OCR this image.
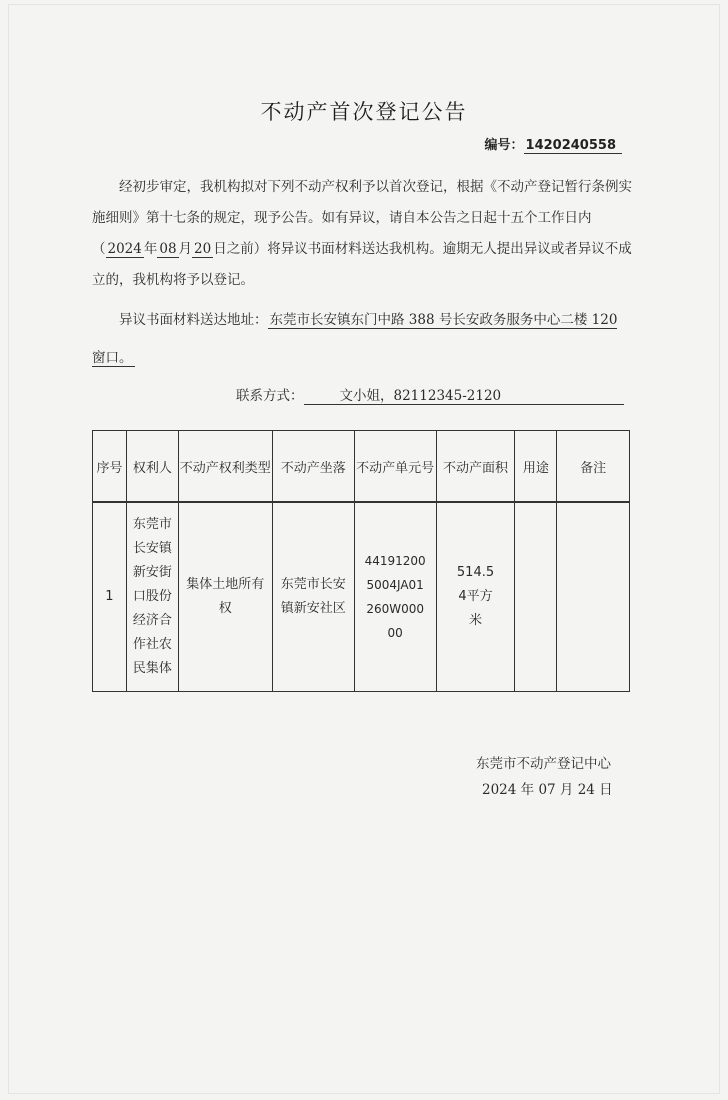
不动产首次登记公告
编号： 1420240558
经初步审定，我机构拟对下列不动产权利予以首次登记，根据《不动产登记暂行条例实施细则》第十七条的规定，现予公告。如有异议，请自本公告之日起十五个工作日内（ 2024 年 08 月 20 日之前）将异议书面材料送达我机构。逾期无人提出异议或者异议不成立的，我机构将予以登记。
异议书面材料送达地址： 东莞市长安镇东门中路 388 号长安政务服务中心二楼 120 窗口。
联系方式：	文小姐，82112345-2120
序号	权利人	不动产权利类型	不动产坐落	不动产单元号	不动产面积	用途	备注
1	东莞市长安镇新安街口股份经济合作社农民集体	集体土地所有权	东莞市长安镇新安社区	441912005004JA01260W00000	514.54平方米		

东莞市不动产登记中心
2024 年 07 月 24 日
